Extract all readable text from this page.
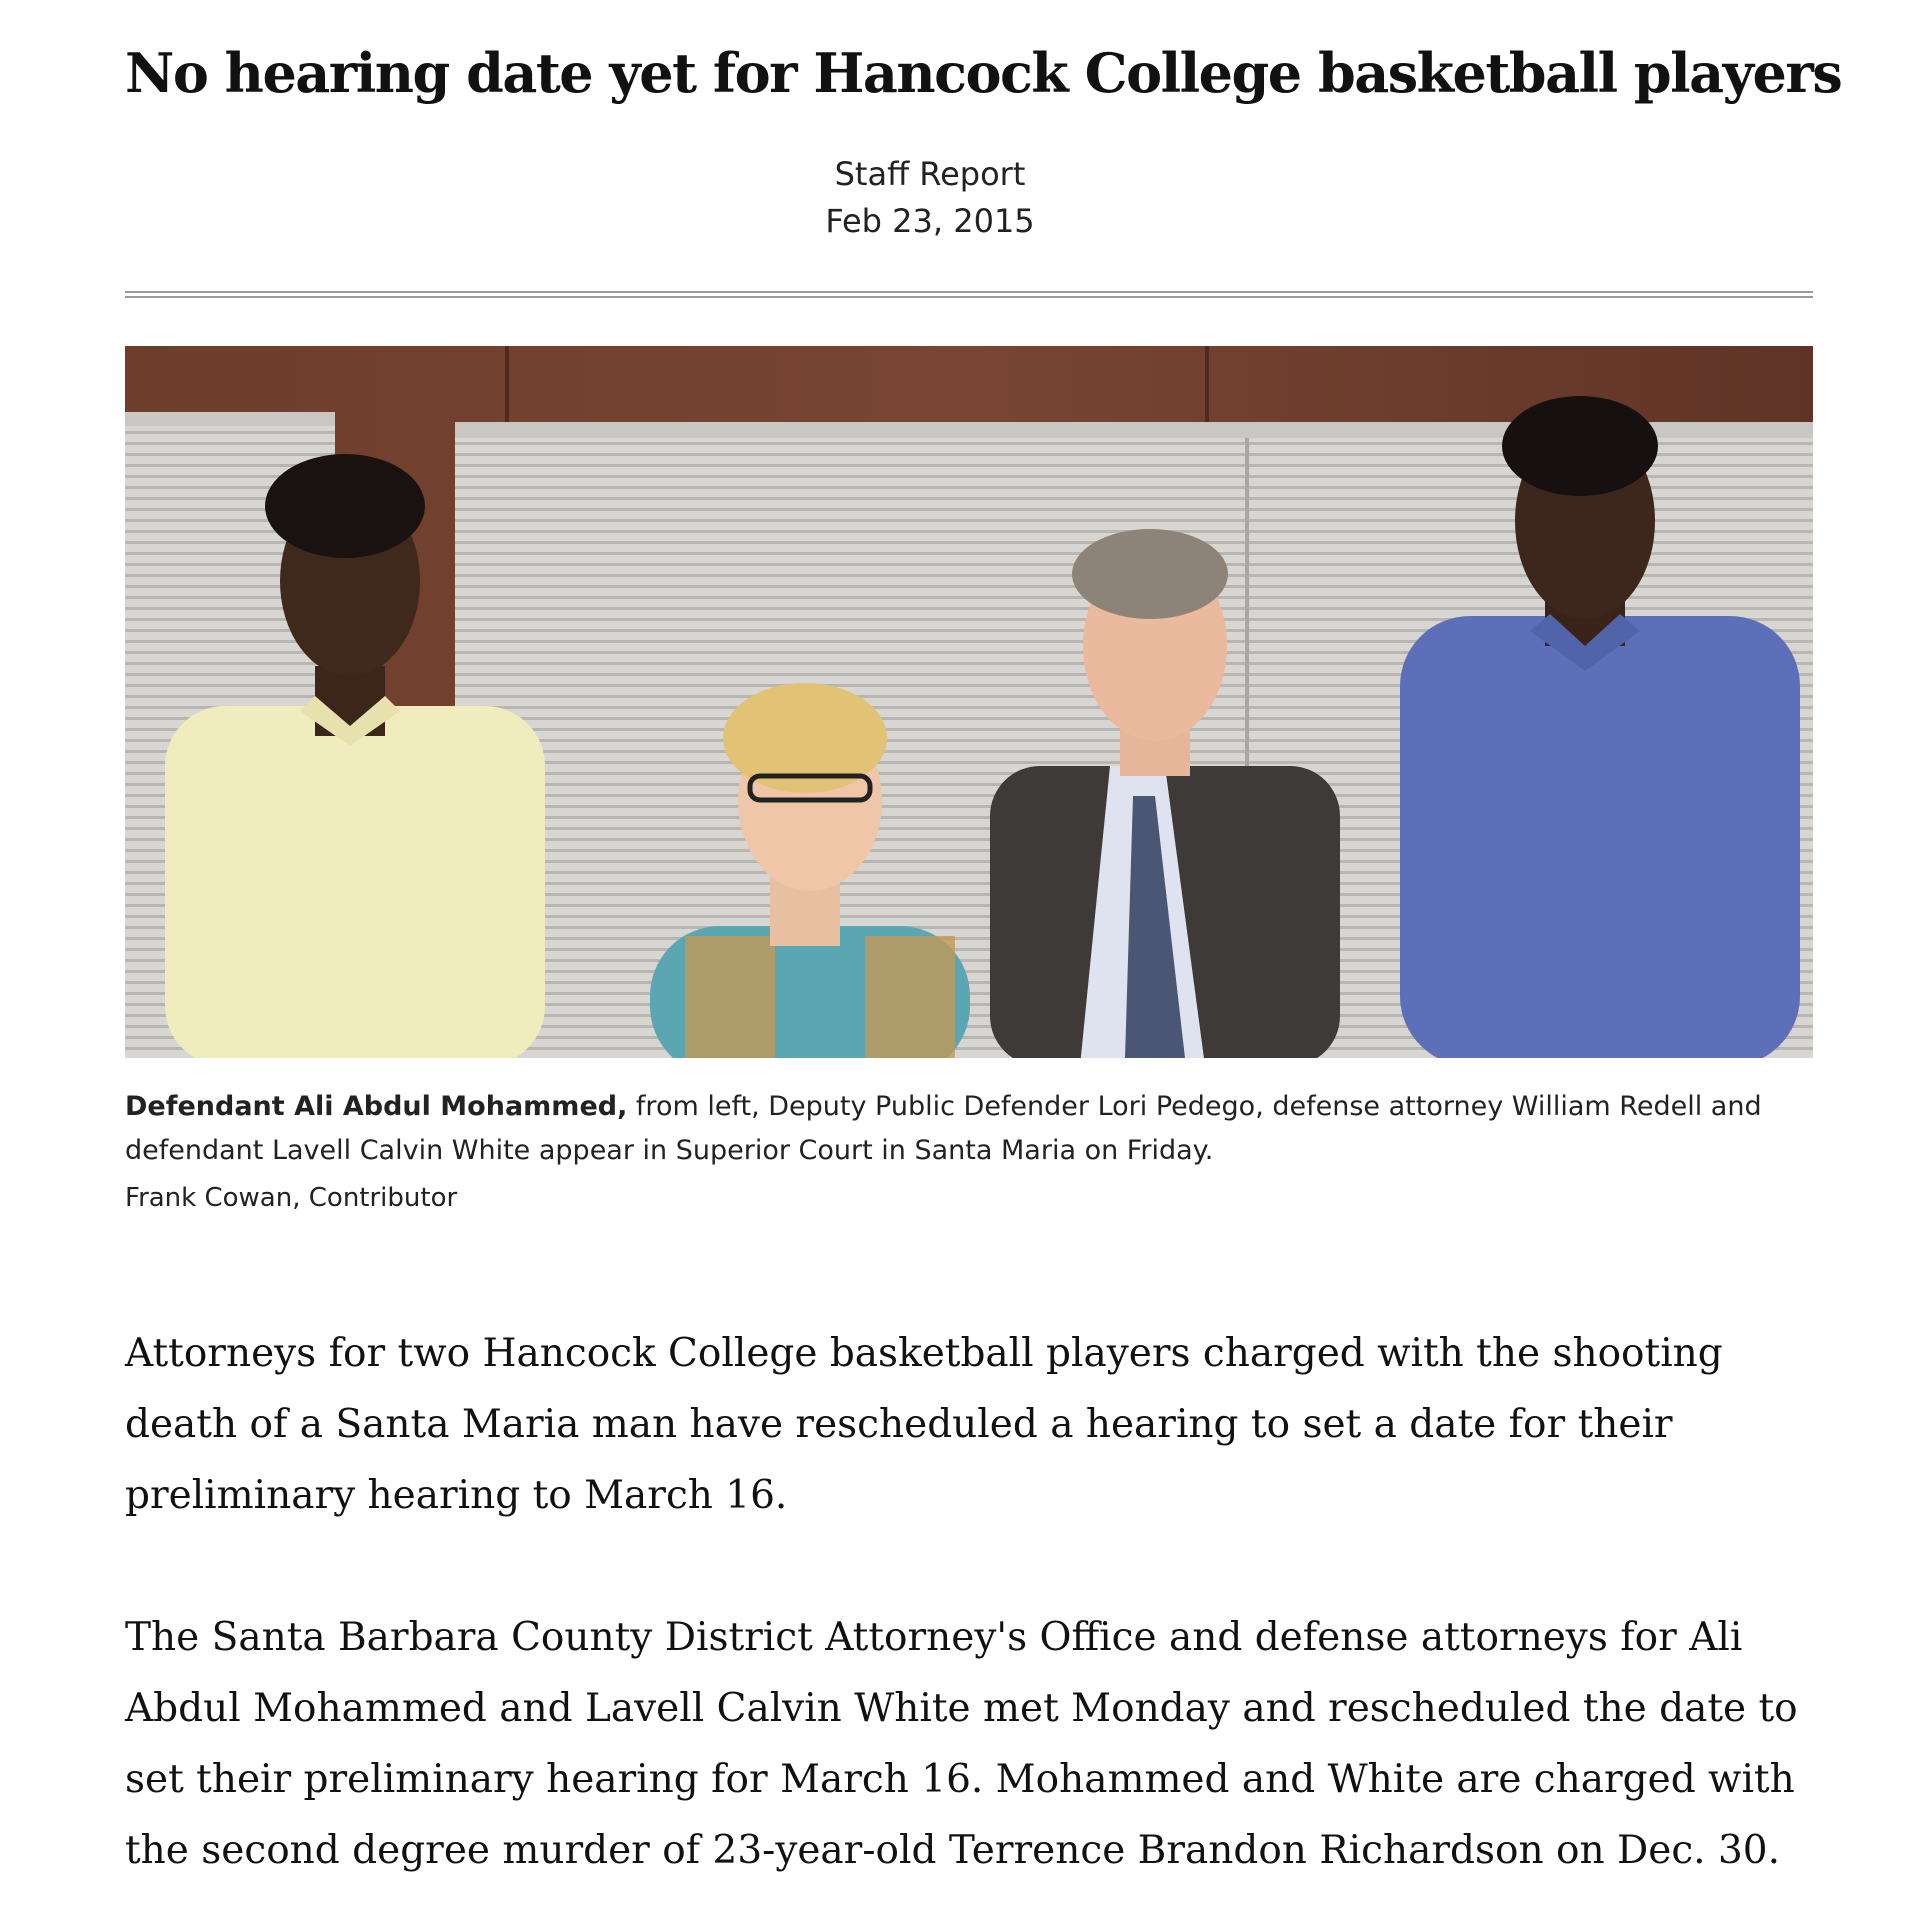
No hearing date yet for Hancock College basketball players
Staff Report
Feb 23, 2015
Defendant Ali Abdul Mohammed, from left, Deputy Public Defender Lori Pedego, defense attorney William Redell and defendant Lavell Calvin White appear in Superior Court in Santa Maria on Friday.
Frank Cowan, Contributor

Attorneys for two Hancock College basketball players charged with the shooting death of a Santa Maria man have rescheduled a hearing to set a date for their preliminary hearing to March 16.

The Santa Barbara County District Attorney's Office and defense attorneys for Ali Abdul Mohammed and Lavell Calvin White met Monday and rescheduled the date to set their preliminary hearing for March 16. Mohammed and White are charged with the second degree murder of 23-year-old Terrence Brandon Richardson on Dec. 30.
